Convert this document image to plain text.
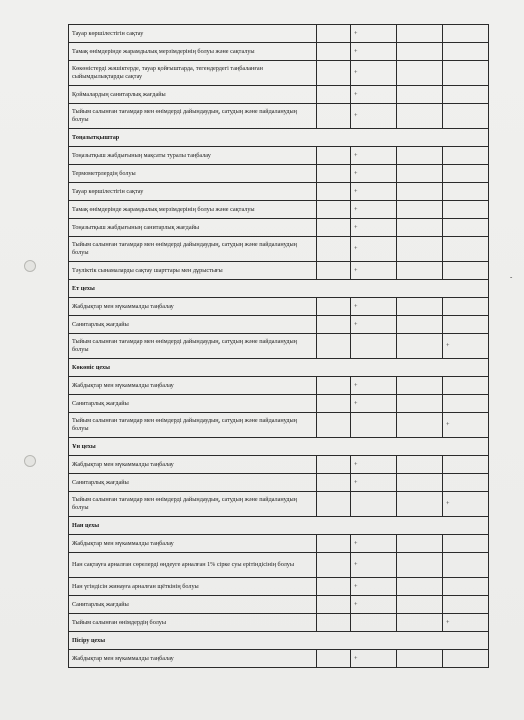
Тауар көршілестігін сақтау		+			
Тамақ өнімдерінде жарамдылық мерзімдерінің болуы және сақталуы		+			
Көкөністерді жәшіктерде, тауар қойғыштарда, тегендердегі таңбаланған сыйымдылықтарды сақтау		+			
Қоймалардың санитарлық жағдайы		+			
Тыйым салынған тағамдар мен өнімдерді дайындаудың, сатудың және пайдаланудың болуы		+			
Тоңазытқыштар					
Тоңазытқыш жабдығының мақсаты туралы таңбалау		+			
Термометрлердің болуы		+			
Тауар көршілестігін сақтау		+			
Тамақ өнімдерінде жарамдылық мерзімдерінің болуы және сақталуы		+			
Тоңазытқыш жабдығының санитарлық жағдайы		+			
Тыйым салынған тағамдар мен өнімдерді дайындаудың, сатудың және пайдаланудың болуы		+			
Тәуліктік сынамаларды сақтау шарттары мен дұрыстығы		+			
Ет цехы					
Жабдықтар мен мүкаммалды таңбалау		+			
Санитарлық жағдайы		+			
Тыйым салынған тағамдар мен өнімдерді дайындаудың, сатудың және пайдаланудың болуы				+	
Көкөніс цехы					
Жабдықтар мен мүкаммалды таңбалау		+			
Санитарлық жағдайы		+			
Тыйым салынған тағамдар мен өнімдерді дайындаудың, сатудың және пайдаланудың болуы				+	
Ұн цехы					
Жабдықтар мен мүкаммалды таңбалау		+			
Санитарлық жағдайы		+			
Тыйым салынған тағамдар мен өнімдерді дайындаудың, сатудың және пайдаланудың болуы				+	
Нан цехы					
Жабдықтар мен мүкаммалды таңбалау		+			
Нан сақтауға арналған сөрелерді өңдеуге арналған 1% сірке суы ерітіндісінің болуы		+			
Нан үгіндісін жинауға арналған щёткінің болуы		+			
Санитарлық жағдайы		+			
Тыйым салынған өнімдердің болуы				+	
Пісіру цехы					
Жабдықтар мен мүкаммалды таңбалау		+			
-
